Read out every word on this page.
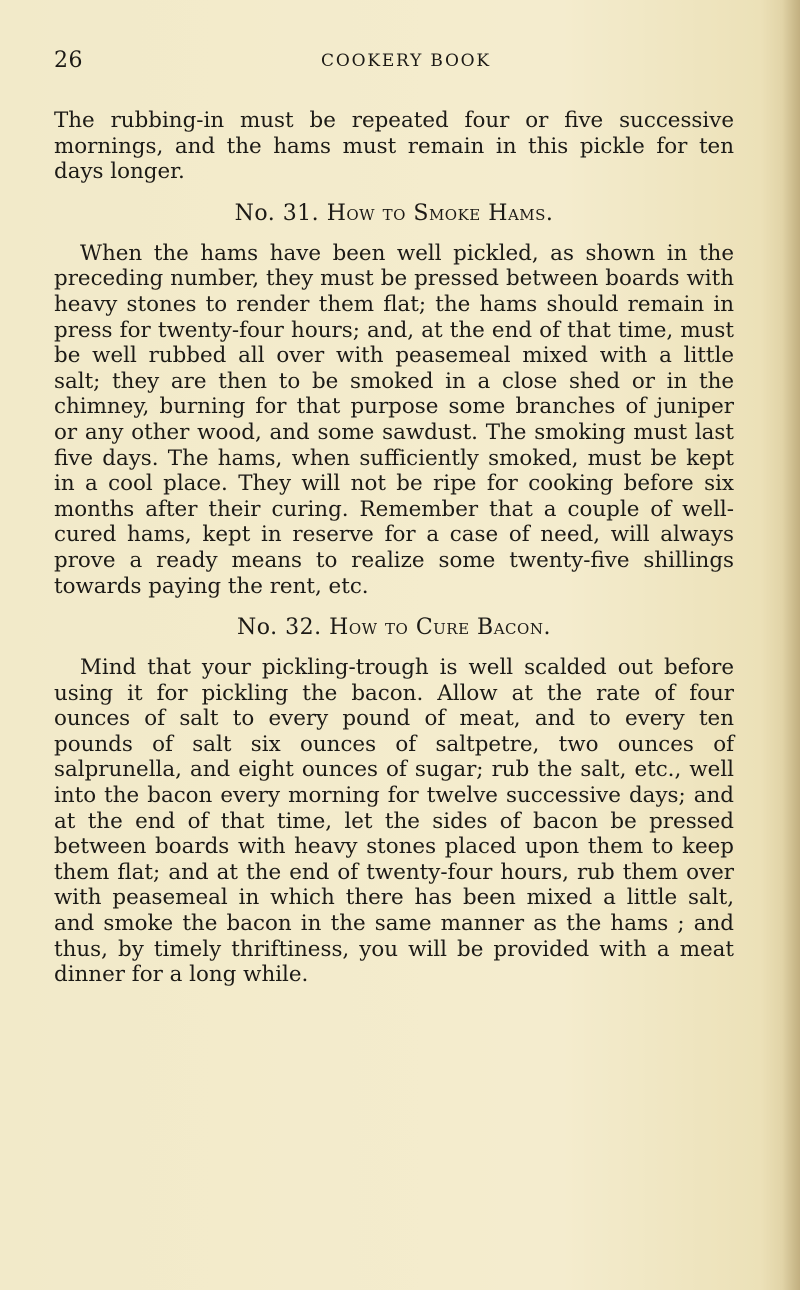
26	COOKERY BOOK

The rubbing-in must be repeated four or five successive mornings, and the hams must remain in this pickle for ten days longer.

No. 31. How to Smoke Hams.

When the hams have been well pickled, as shown in the preceding number, they must be pressed between boards with heavy stones to render them flat; the hams should remain in press for twenty-four hours; and, at the end of that time, must be well rubbed all over with peasemeal mixed with a little salt; they are then to be smoked in a close shed or in the chimney, burning for that purpose some branches of juniper or any other wood, and some sawdust. The smoking must last five days. The hams, when sufficiently smoked, must be kept in a cool place. They will not be ripe for cooking before six months after their curing. Remember that a couple of well-cured hams, kept in reserve for a case of need, will always prove a ready means to realize some twenty-five shillings towards paying the rent, etc.

No. 32. How to Cure Bacon.

Mind that your pickling-trough is well scalded out before using it for pickling the bacon. Allow at the rate of four ounces of salt to every pound of meat, and to every ten pounds of salt six ounces of saltpetre, two ounces of salprunella, and eight ounces of sugar; rub the salt, etc., well into the bacon every morning for twelve successive days; and at the end of that time, let the sides of bacon be pressed between boards with heavy stones placed upon them to keep them flat; and at the end of twenty-four hours, rub them over with peasemeal in which there has been mixed a little salt, and smoke the bacon in the same manner as the hams ; and thus, by timely thriftiness, you will be provided with a meat dinner for a long while.
